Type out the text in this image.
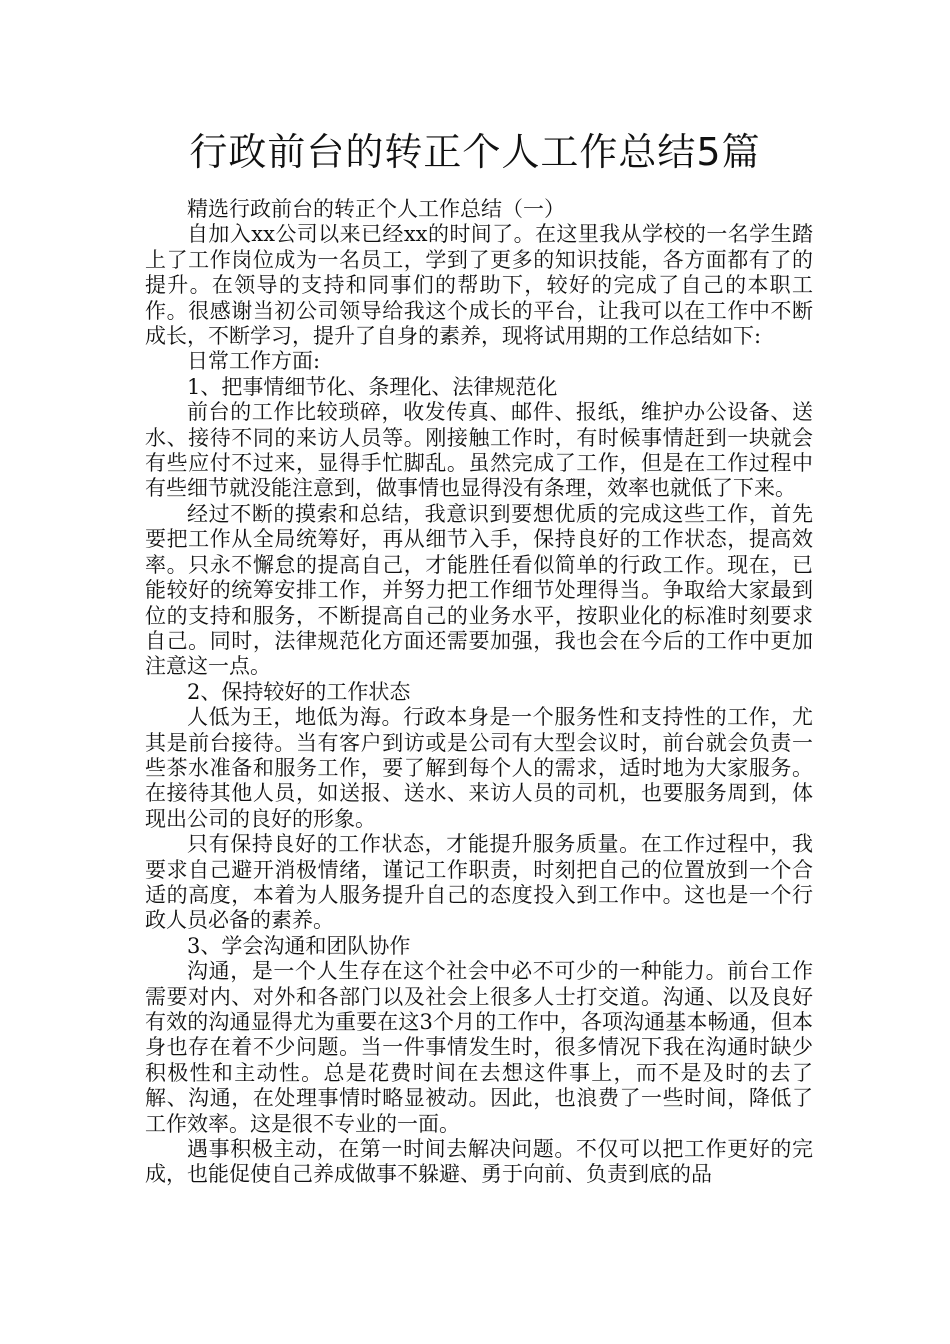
行政前台的转正个人工作总结5篇

精选行政前台的转正个人工作总结（一）

自加入xx公司以来已经xx的时间了。在这里我从学校的一名学生踏上了工作岗位成为一名员工，学到了更多的知识技能，各方面都有了的提升。在领导的支持和同事们的帮助下，较好的完成了自己的本职工作。很感谢当初公司领导给我这个成长的平台，让我可以在工作中不断成长，不断学习，提升了自身的素养，现将试用期的工作总结如下:

日常工作方面:

1、把事情细节化、条理化、法律规范化

前台的工作比较琐碎，收发传真、邮件、报纸，维护办公设备、送水、接待不同的来访人员等。刚接触工作时，有时候事情赶到一块就会有些应付不过来，显得手忙脚乱。虽然完成了工作，但是在工作过程中有些细节就没能注意到，做事情也显得没有条理，效率也就低了下来。

经过不断的摸索和总结，我意识到要想优质的完成这些工作，首先要把工作从全局统筹好，再从细节入手，保持良好的工作状态，提高效率。只永不懈怠的提高自己，才能胜任看似简单的行政工作。现在，已能较好的统筹安排工作，并努力把工作细节处理得当。争取给大家最到位的支持和服务，不断提高自己的业务水平，按职业化的标准时刻要求自己。同时，法律规范化方面还需要加强，我也会在今后的工作中更加注意这一点。

2、保持较好的工作状态

人低为王，地低为海。行政本身是一个服务性和支持性的工作，尤其是前台接待。当有客户到访或是公司有大型会议时，前台就会负责一些茶水准备和服务工作，要了解到每个人的需求，适时地为大家服务。在接待其他人员，如送报、送水、来访人员的司机，也要服务周到，体现出公司的良好的形象。

只有保持良好的工作状态，才能提升服务质量。在工作过程中，我要求自己避开消极情绪，谨记工作职责，时刻把自己的位置放到一个合适的高度，本着为人服务提升自己的态度投入到工作中。这也是一个行政人员必备的素养。

3、学会沟通和团队协作

沟通，是一个人生存在这个社会中必不可少的一种能力。前台工作需要对内、对外和各部门以及社会上很多人士打交道。沟通、以及良好有效的沟通显得尤为重要在这3个月的工作中，各项沟通基本畅通，但本身也存在着不少问题。当一件事情发生时，很多情况下我在沟通时缺少积极性和主动性。总是花费时间在去想这件事上，而不是及时的去了解、沟通，在处理事情时略显被动。因此，也浪费了一些时间，降低了工作效率。这是很不专业的一面。

遇事积极主动，在第一时间去解决问题。不仅可以把工作更好的完成，也能促使自己养成做事不躲避、勇于向前、负责到底的品
